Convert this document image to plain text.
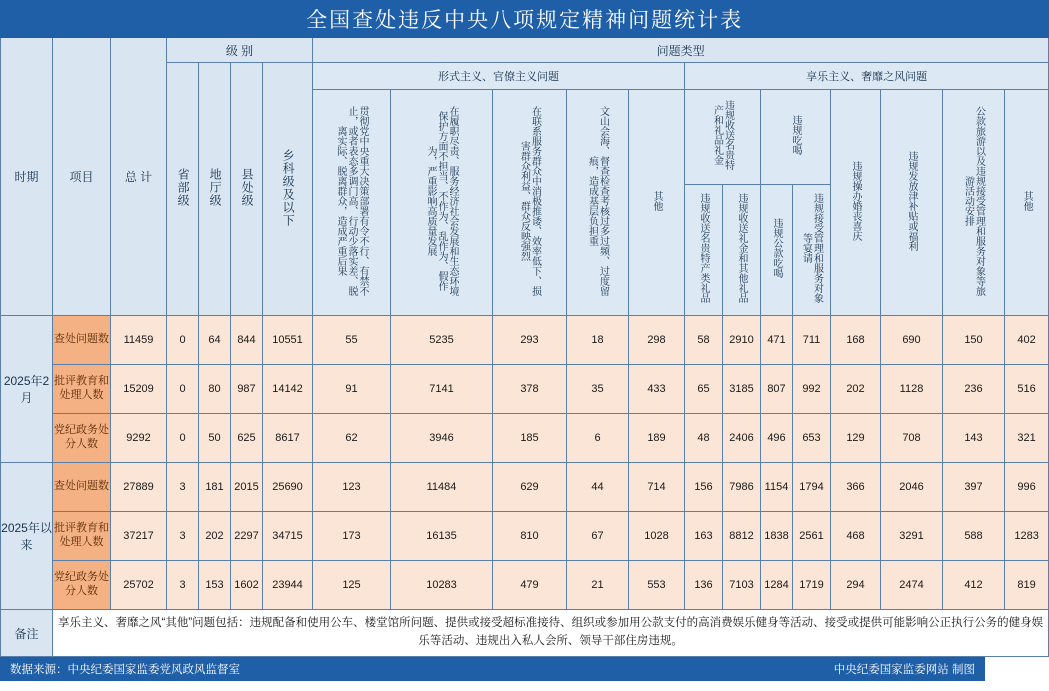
全国查处违反中央八项规定精神问题统计表																			
时期	项目	总 计	级 别				问题类型												
			省部级	地厅级	县处级	乡科级及以下	形式主义、官僚主义问题					享乐主义、奢靡之风问题							
							贯彻党中央重大决策部署有令不行、有禁不止，或者表态多调门高、行动少落实差、脱离实际、脱离群众，造成严重后果	在履职尽责、服务经济社会发展和生态环境保护方面不担当、不作为、乱作为、假作为，严重影响高质量发展	在联系服务群众中消极推诿、效率低下、损害群众利益、群众反映强烈	文山会海、督查检查考核过多过频、过度留痕，造成基层负担重	其他	违规收送名贵特产和礼品礼金		违规吃喝		违规操办婚丧喜庆	违规发放津补贴或福利	公款旅游以及违规接受管理和服务对象等旅游活动安排	其他
												违规收送名贵特产类礼品	违规收送礼金和其他礼品	违规公款吃喝	违规接受管理和服务对象等宴请				
2025年2月	查处问题数	11459	0	64	844	10551	55	5235	293	18	298	58	2910	471	711	168	690	150	402
	批评教育和处理人数	15209	0	80	987	14142	91	7141	378	35	433	65	3185	807	992	202	1128	236	516
	党纪政务处分人数	9292	0	50	625	8617	62	3946	185	6	189	48	2406	496	653	129	708	143	321
2025年以来	查处问题数	27889	3	181	2015	25690	123	11484	629	44	714	156	7986	1154	1794	366	2046	397	996
	批评教育和处理人数	37217	3	202	2297	34715	173	16135	810	67	1028	163	8812	1838	2561	468	3291	588	1283
	党纪政务处分人数	25702	3	153	1602	23944	125	10283	479	21	553	136	7103	1284	1719	294	2474	412	819
备注	享乐主义、奢靡之风“其他”问题包括：违规配备和使用公车、楼堂馆所问题、提供或接受超标准接待、组织或参加用公款支付的高消费娱乐健身等活动、接受或提供可能影响公正执行公务的健身娱乐等活动、违规出入私人会所、领导干部住房违规。																		
数据来源：中央纪委国家监委党风政风监督室	中央纪委国家监委网站 制图
